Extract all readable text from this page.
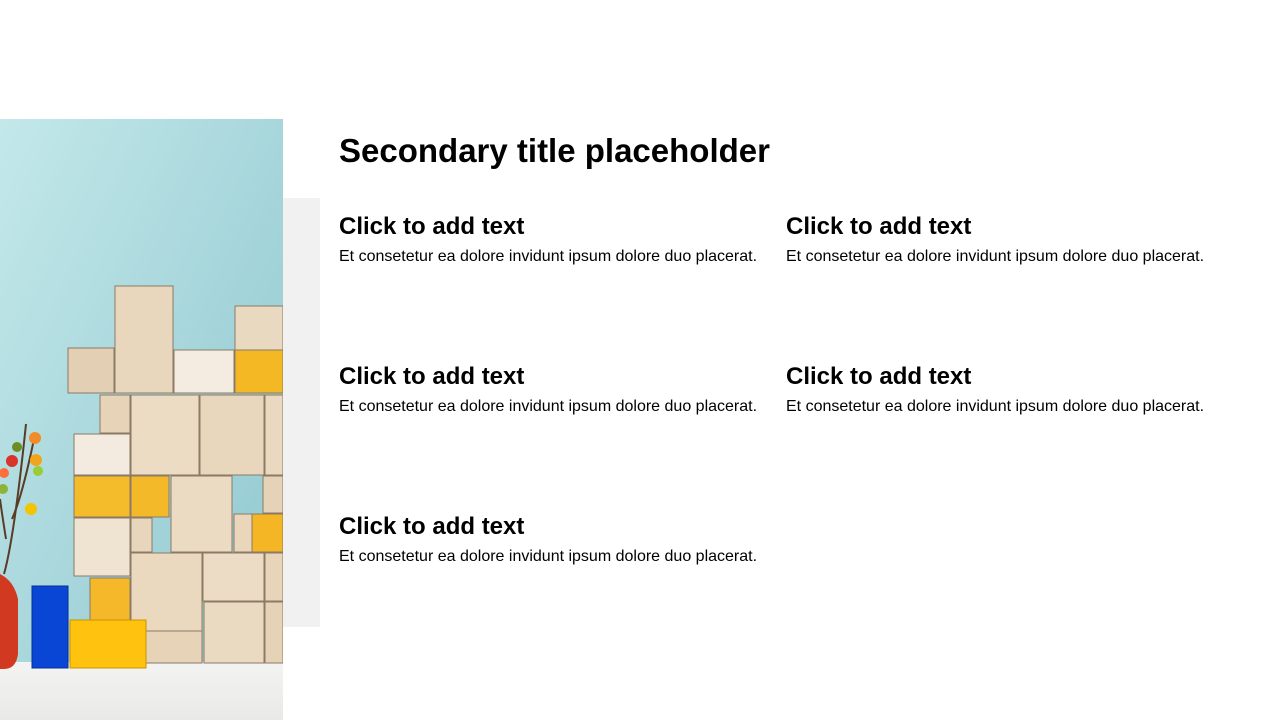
Secondary title placeholder
Click to add text
Et consetetur ea dolore invidunt ipsum dolore duo placerat.
Click to add text
Et consetetur ea dolore invidunt ipsum dolore duo placerat.
Click to add text
Et consetetur ea dolore invidunt ipsum dolore duo placerat.
Click to add text
Et consetetur ea dolore invidunt ipsum dolore duo placerat.
Click to add text
Et consetetur ea dolore invidunt ipsum dolore duo placerat.
